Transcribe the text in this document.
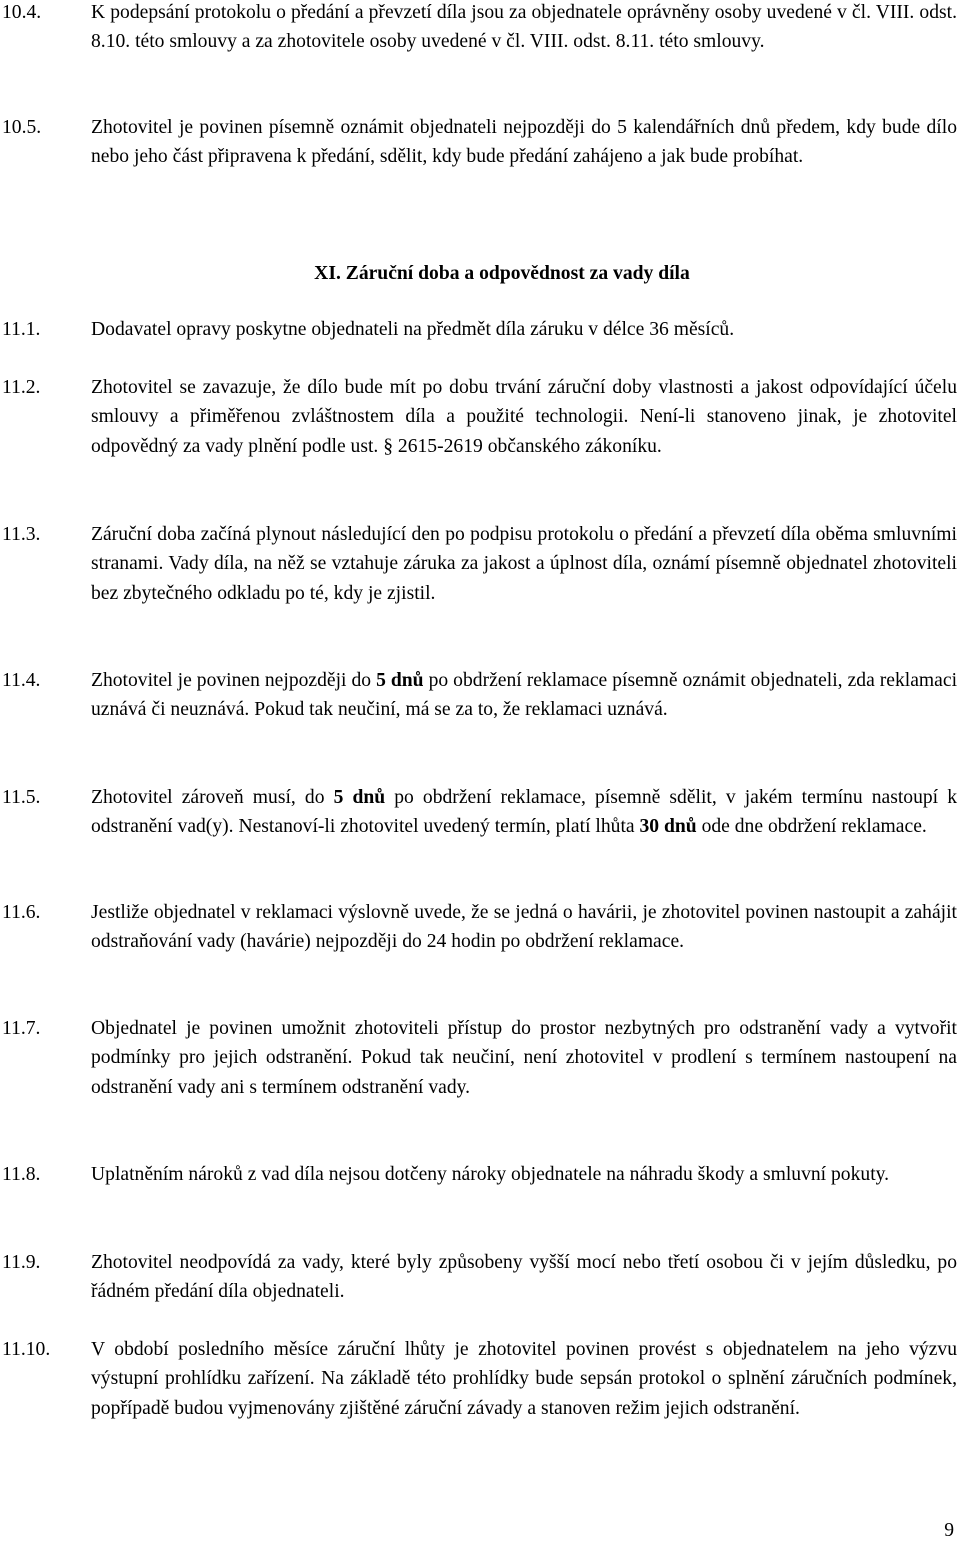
10.4.	K podepsání protokolu o předání a převzetí díla jsou za objednatele oprávněny osoby uvedené v čl. VIII. odst. 8.10. této smlouvy a za zhotovitele osoby uvedené v čl. VIII. odst. 8.11. této smlouvy.
10.5.	Zhotovitel je povinen písemně oznámit objednateli nejpozději do 5 kalendářních dnů předem, kdy bude dílo nebo jeho část připravena k předání, sdělit, kdy bude předání zahájeno a jak bude probíhat.
XI. Záruční doba a odpovědnost za vady díla
11.1.	Dodavatel opravy poskytne objednateli na předmět díla záruku v délce 36 měsíců.
11.2.	Zhotovitel se zavazuje, že dílo bude mít po dobu trvání záruční doby vlastnosti a jakost odpovídající účelu smlouvy a přiměřenou zvláštnostem díla a použité technologii. Není-li stanoveno jinak, je zhotovitel odpovědný za vady plnění podle ust. § 2615-2619 občanského zákoníku.
11.3.	Záruční doba začíná plynout následující den po podpisu protokolu o předání a převzetí díla oběma smluvními stranami. Vady díla, na něž se vztahuje záruka za jakost a úplnost díla, oznámí písemně objednatel zhotoviteli bez zbytečného odkladu po té, kdy je zjistil.
11.4.	Zhotovitel je povinen nejpozději do 5 dnů po obdržení reklamace písemně oznámit objednateli, zda reklamaci uznává či neuznává. Pokud tak neučiní, má se za to, že reklamaci uznává.
11.5.	Zhotovitel zároveň musí, do 5 dnů po obdržení reklamace, písemně sdělit, v jakém termínu nastoupí k odstranění vad(y). Nestanoví-li zhotovitel uvedený termín, platí lhůta 30 dnů ode dne obdržení reklamace.
11.6.	Jestliže objednatel v reklamaci výslovně uvede, že se jedná o havárii, je zhotovitel povinen nastoupit a zahájit odstraňování vady (havárie) nejpozději do 24 hodin po obdržení reklamace.
11.7.	Objednatel je povinen umožnit zhotoviteli přístup do prostor nezbytných pro odstranění vady a vytvořit podmínky pro jejich odstranění. Pokud tak neučiní, není zhotovitel v prodlení s termínem nastoupení na odstranění vady ani s termínem odstranění vady.
11.8.	Uplatněním nároků z vad díla nejsou dotčeny nároky objednatele na náhradu škody a smluvní pokuty.
11.9.	Zhotovitel neodpovídá za vady, které byly způsobeny vyšší mocí nebo třetí osobou či v jejím důsledku, po řádném předání díla objednateli.
11.10. V období posledního měsíce záruční lhůty je zhotovitel povinen provést s objednatelem na jeho výzvu výstupní prohlídku zařízení. Na základě této prohlídky bude sepsán protokol o splnění záručních podmínek, popřípadě budou vyjmenovány zjištěné záruční závady a stanoven režim jejich odstranění.
9
